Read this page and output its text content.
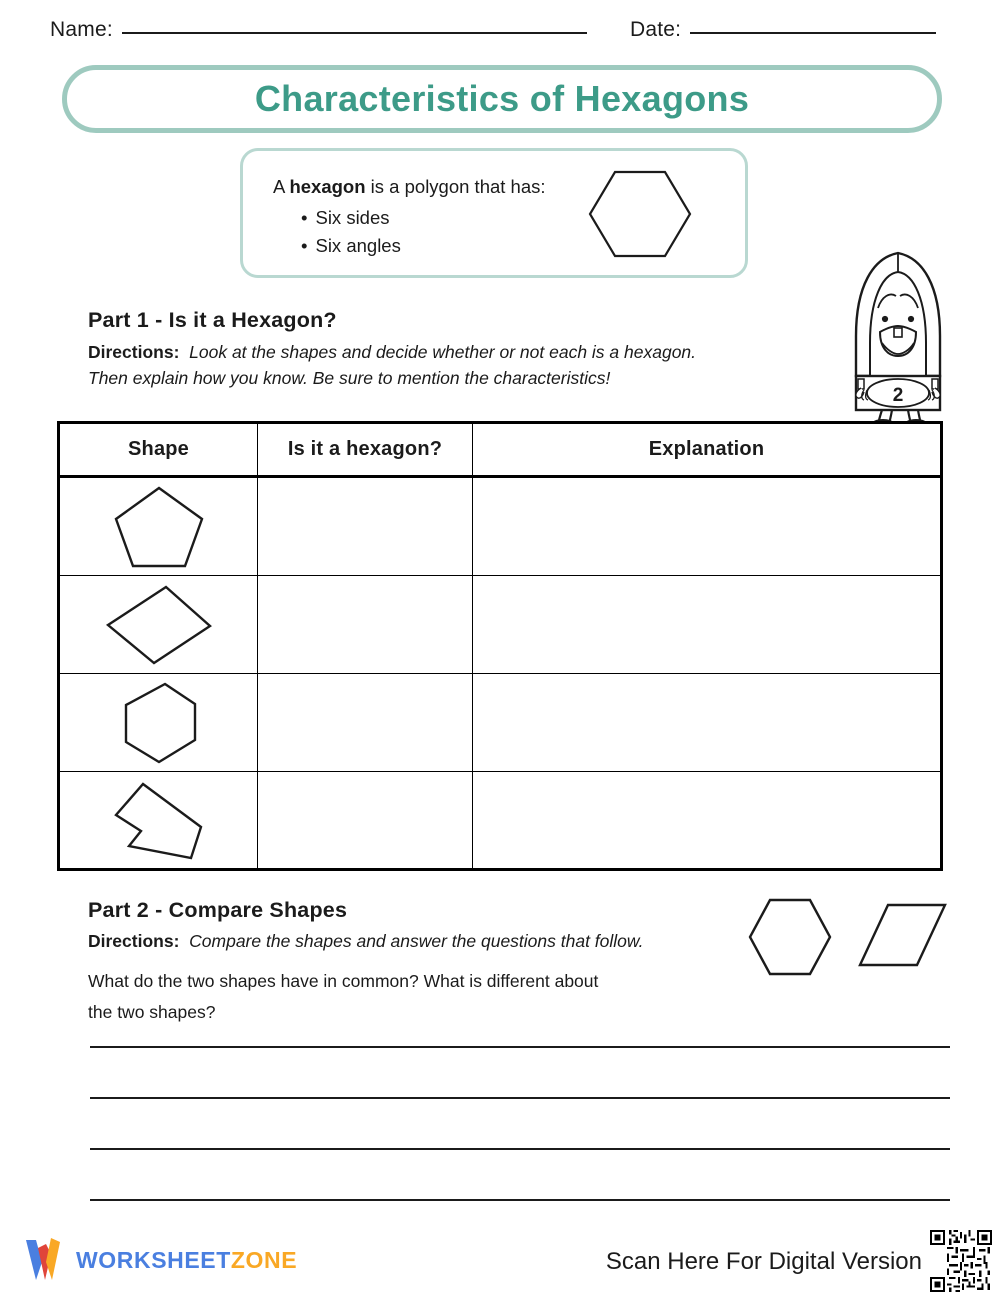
Name:	Date:
Characteristics of Hexagons
A hexagon is a polygon that has:
• Six sides
• Six angles
Part 1 - Is it a Hexagon?
Directions: Look at the shapes and decide whether or not each is a hexagon.
Then explain how you know. Be sure to mention the characteristics!
2
Shape	Is it a hexagon?	Explanation
Part 2 - Compare Shapes
Directions: Compare the shapes and answer the questions that follow.
What do the two shapes have in common? What is different about
the two shapes?
WORKSHEETZONE	Scan Here For Digital Version
